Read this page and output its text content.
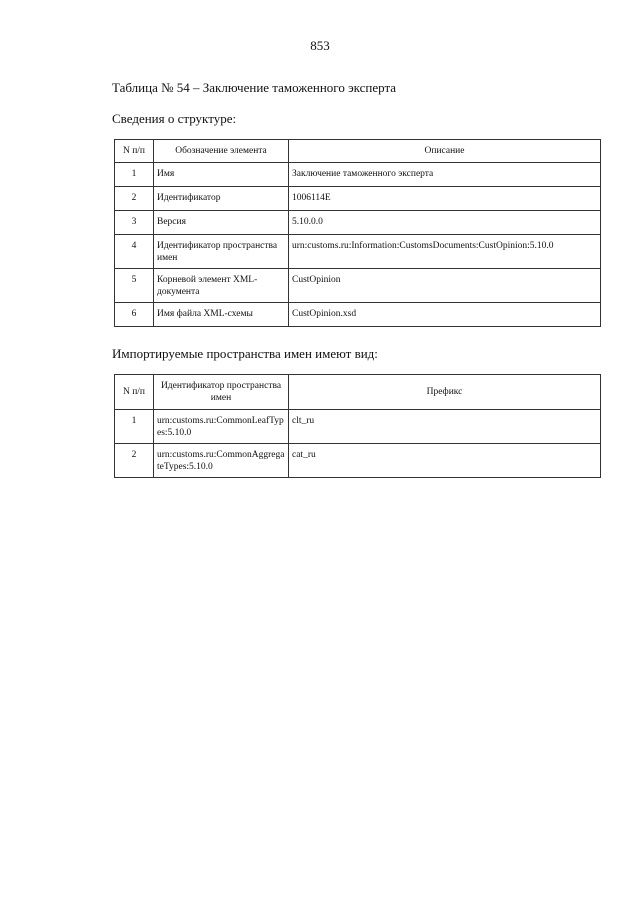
853
Таблица № 54 – Заключение таможенного эксперта
Сведения о структуре:
N п/п	Обозначение элемента	Описание
1	Имя	Заключение таможенного эксперта
2	Идентификатор	1006114E
3	Версия	5.10.0.0
4	Идентификатор пространства имен	urn:customs.ru:Information:CustomsDocuments:CustOpinion:5.10.0
5	Корневой элемент XML-документа	CustOpinion
6	Имя файла XML-схемы	CustOpinion.xsd
Импортируемые пространства имен имеют вид:
N п/п	Идентификатор пространства имен	Префикс
1	urn:customs.ru:CommonLeafTypes:5.10.0	clt_ru
2	urn:customs.ru:CommonAggregateTypes:5.10.0	cat_ru
